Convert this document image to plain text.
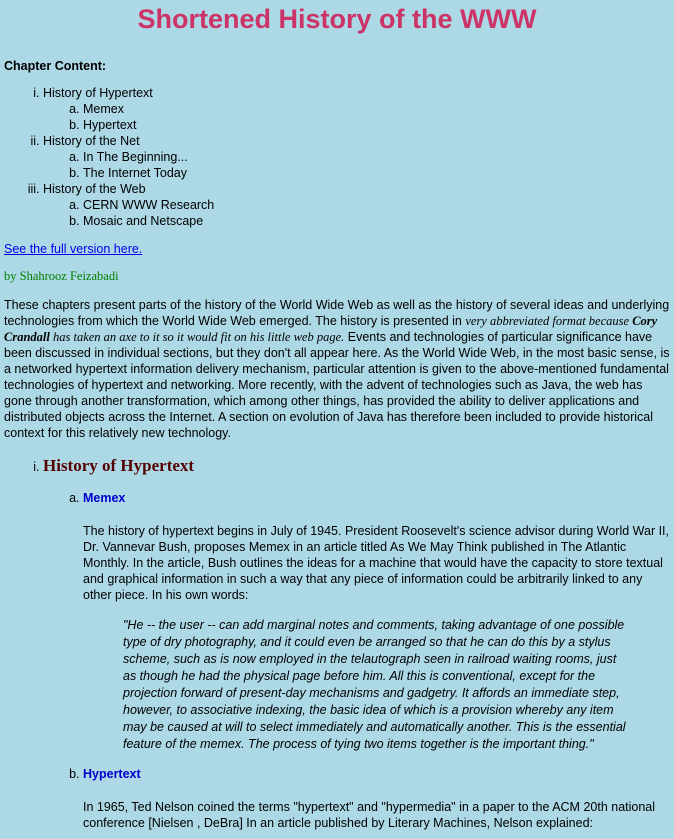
Shortened History of the WWW
Chapter Content:
i. History of Hypertext
a. Memex
b. Hypertext
ii. History of the Net
a. In The Beginning...
b. The Internet Today
iii. History of the Web
a. CERN WWW Research
b. Mosaic and Netscape
See the full version here.
by Shahrooz Feizabadi

These chapters present parts of the history of the World Wide Web as well as the history of several ideas and underlying technologies from which the World Wide Web emerged. The history is presented in very abbreviated format because Cory Crandall has taken an axe to it so it would fit on his little web page. Events and technologies of particular significance have been discussed in individual sections, but they don't all appear here. As the World Wide Web, in the most basic sense, is a networked hypertext information delivery mechanism, particular attention is given to the above-mentioned fundamental technologies of hypertext and networking. More recently, with the advent of technologies such as Java, the web has gone through another transformation, which among other things, has provided the ability to deliver applications and distributed objects across the Internet. A section on evolution of Java has therefore been included to provide historical context for this relatively new technology.

i. History of Hypertext
a. Memex
The history of hypertext begins in July of 1945. President Roosevelt's science advisor during World War II, Dr. Vannevar Bush, proposes Memex in an article titled As We May Think published in The Atlantic Monthly. In the article, Bush outlines the ideas for a machine that would have the capacity to store textual and graphical information in such a way that any piece of information could be arbitrarily linked to any other piece. In his own words:
"He -- the user -- can add marginal notes and comments, taking advantage of one possible type of dry photography, and it could even be arranged so that he can do this by a stylus scheme, such as is now employed in the telautograph seen in railroad waiting rooms, just as though he had the physical page before him. All this is conventional, except for the projection forward of present-day mechanisms and gadgetry. It affords an immediate step, however, to associative indexing, the basic idea of which is a provision whereby any item may be caused at will to select immediately and automatically another. This is the essential feature of the memex. The process of tying two items together is the important thing."
b. Hypertext
In 1965, Ted Nelson coined the terms "hypertext" and "hypermedia" in a paper to the ACM 20th national conference [Nielsen , DeBra] In an article published by Literary Machines, Nelson explained:
